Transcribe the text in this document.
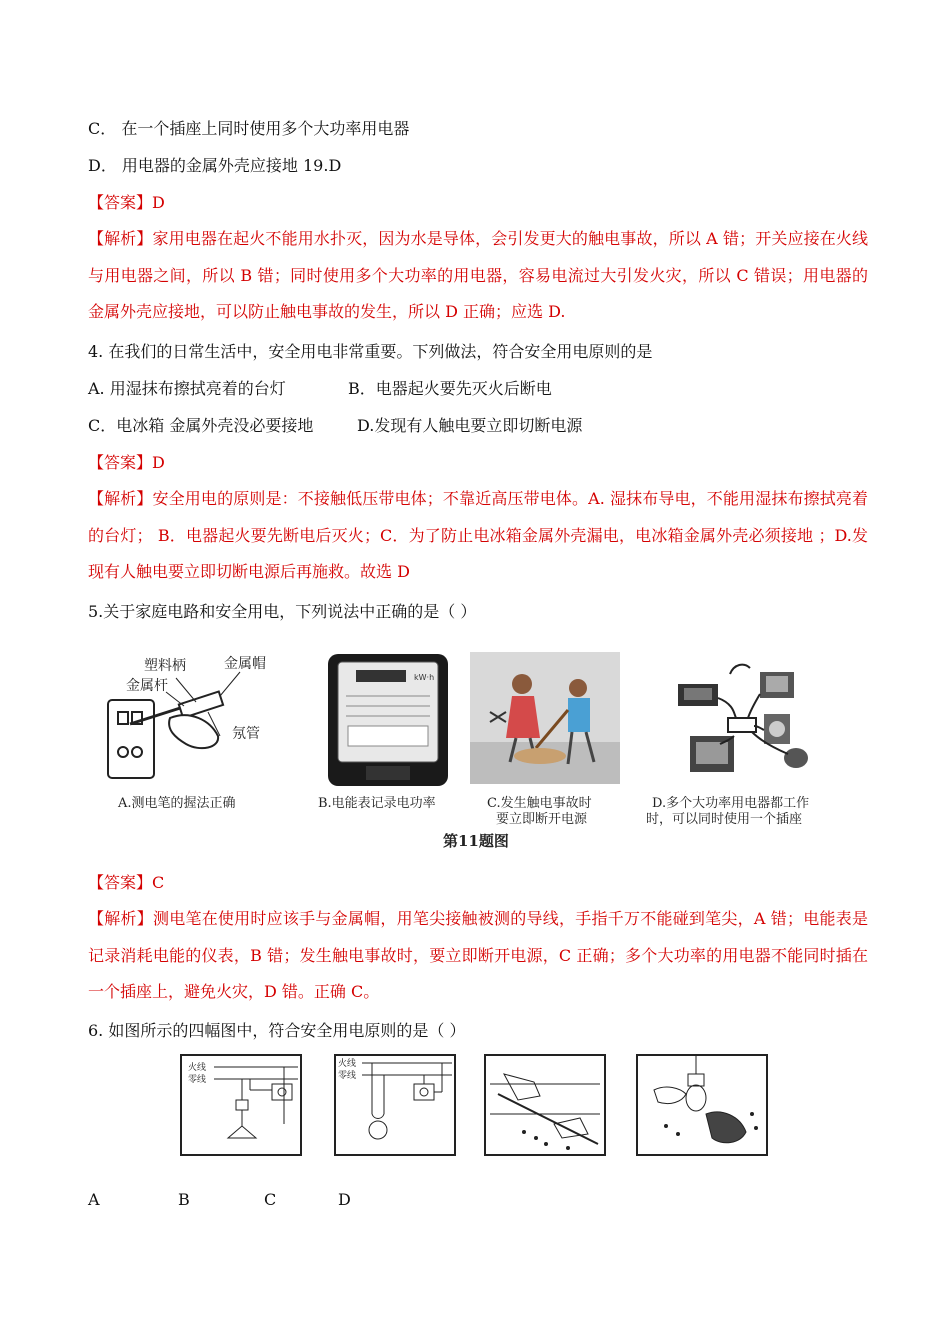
C． 在一个插座上同时使用多个大功率用电器
D． 用电器的金属外壳应接地 19.D
【答案】D
【解析】家用电器在起火不能用水扑灭，因为水是导体，会引发更大的触电事故，所以 A 错；开关应接在火线与用电器之间，所以 B 错；同时使用多个大功率的用电器，容易电流过大引发火灾，所以 C 错误；用电器的金属外壳应接地，可以防止触电事故的发生，所以 D 正确；应选 D.
4. 在我们的日常生活中，安全用电非常重要。下列做法，符合安全用电原则的是
A. 用湿抹布擦拭亮着的台灯	B．电器起火要先灭火后断电
C．电冰箱 金属外壳没必要接地	D.发现有人触电要立即切断电源
【答案】D
【解析】安全用电的原则是：不接触低压带电体；不靠近高压带电体。A. 湿抹布导电，不能用湿抹布擦拭亮着的台灯； B．电器起火要先断电后灭火；C．为了防止电冰箱金属外壳漏电，电冰箱金属外壳必须接地 ；D.发现有人触电要立即切断电源后再施救。故选 D
5.关于家庭电路和安全用电，下列说法中正确的是（ ）
塑料柄	金属帽
金属杆
氖管
A.测电笔的握法正确
kW·h
B.电能表记录电功率	C.发生触电事故时
要立即断开电源
D.多个大功率用电器都工作
时，可以同时使用一个插座
第11题图
【答案】C
【解析】测电笔在使用时应该手与金属帽，用笔尖接触被测的导线，手指千万不能碰到笔尖，A 错；电能表是记录消耗电能的仪表，B 错；发生触电事故时，要立即断开电源，C 正确；多个大功率的用电器不能同时插在一个插座上，避免火灾，D 错。正确 C。
6. 如图所示的四幅图中，符合安全用电原则的是（ ）
火线
零线
火线
零线
A	B	C	D
